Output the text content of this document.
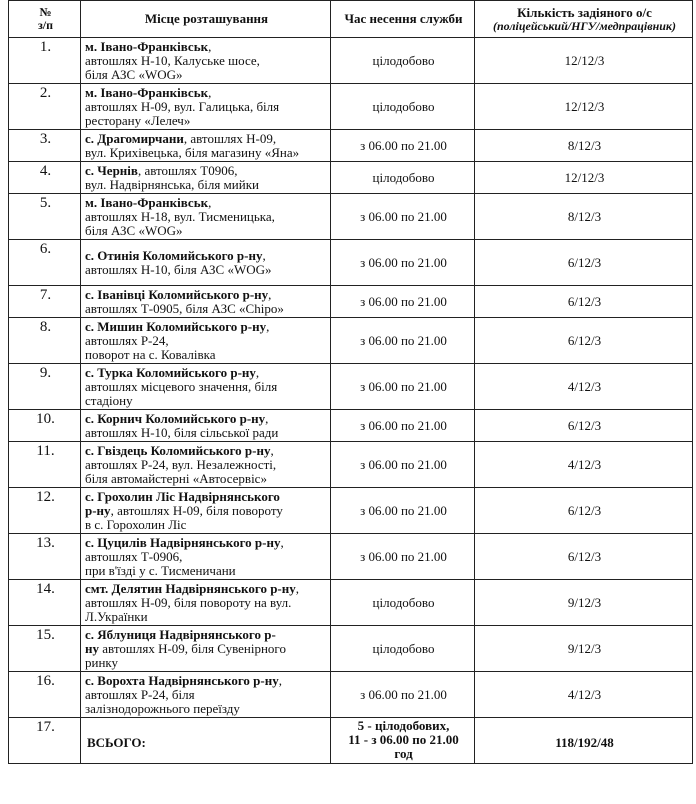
№
з/п	Місце розташування	Час несення служби	Кількість задіяного о/с
(поліцейський/НГУ/медпрацівник)

1.	м. Івано-Франківськ,
автошлях Н-10, Калуське шосе,
біля АЗС «WOG»	цілодобово	12/12/3
2.	м. Івано-Франківськ,
автошлях Н-09, вул. Галицька, біля
ресторану «Лелеч»	цілодобово	12/12/3
3.	с. Драгомирчани, автошлях Н-09,
вул. Крихівецька, біля магазину «Яна»	з 06.00 по 21.00	8/12/3
4.	с. Чернів, автошлях Т0906,
вул. Надвірнянська, біля мийки	цілодобово	12/12/3
5.	м. Івано-Франківськ,
автошлях Н-18, вул. Тисменицька,
біля АЗС «WOG»	з 06.00 по 21.00	8/12/3
6.	с. Отинія Коломийського р-ну,
автошлях Н-10, біля АЗС «WOG»	з 06.00 по 21.00	6/12/3
7.	с. Іванівці Коломийського р-ну,
автошлях Т-0905, біля АЗС «Chipo»	з 06.00 по 21.00	6/12/3
8.	с. Мишин Коломийського р-ну,
автошлях Р-24,
поворот на с. Ковалівка	з 06.00 по 21.00	6/12/3
9.	с. Турка Коломийського р-ну,
автошлях місцевого значення, біля
стадіону	з 06.00 по 21.00	4/12/3
10.	с. Корнич Коломийського р-ну,
автошлях Н-10, біля сільської ради	з 06.00 по 21.00	6/12/3
11.	с. Гвіздець Коломийського р-ну,
автошлях Р-24, вул. Незалежності,
біля автомайстерні «Автосервіс»	з 06.00 по 21.00	4/12/3
12.	с. Грохолин Ліс Надвірнянського
р-ну, автошлях Н-09, біля повороту
в с. Горохолин Ліс	з 06.00 по 21.00	6/12/3
13.	с. Цуцилів Надвірнянського р-ну,
автошлях Т-0906,
при в'їзді у с. Тисменичани	з 06.00 по 21.00	6/12/3
14.	смт. Делятин Надвірнянського р-ну,
автошлях Н-09, біля повороту на вул.
Л.Українки	цілодобово	9/12/3
15.	с. Яблуниця Надвірнянського р-
ну автошлях Н-09, біля Сувенірного
ринку	цілодобово	9/12/3
16.	с. Ворохта Надвірнянського р-ну,
автошлях Р-24, біля
залізнодорожнього переїзду	з 06.00 по 21.00	4/12/3
17.	ВСЬОГО:	5 - цілодобових,
11 - з 06.00 по 21.00
год	118/192/48
